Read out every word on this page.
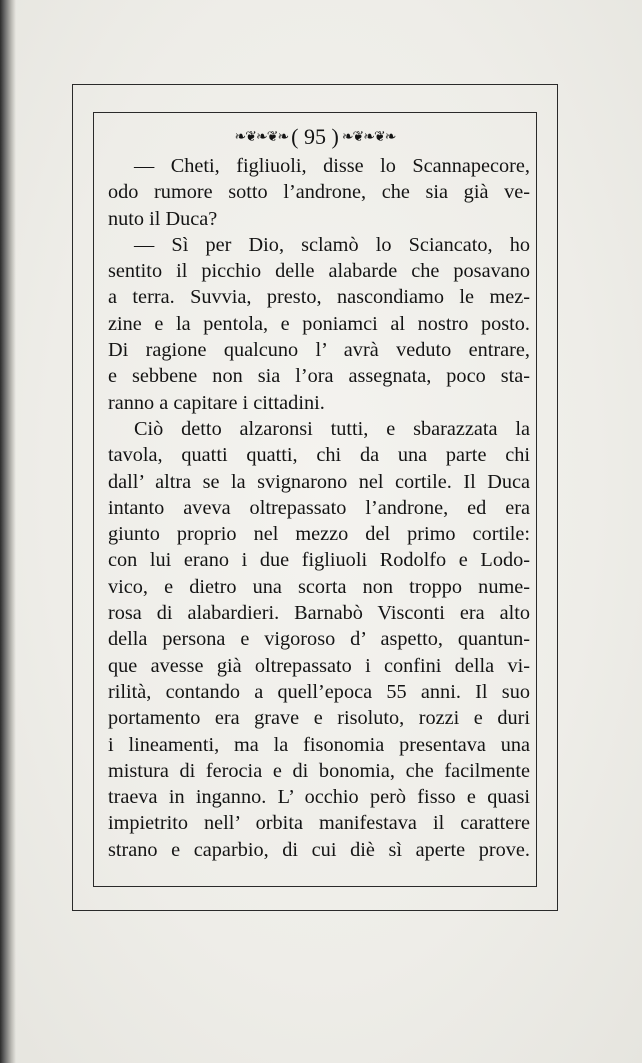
❧❦❧❦❧ ( 95 ) ❧❦❧❦❧
— Cheti, figliuoli, disse lo Scannapecore,
odo rumore sotto l’androne, che sia già ve-
nuto il Duca?
— Sì per Dio, sclamò lo Sciancato, ho
sentito il picchio delle alabarde che posavano
a terra. Suvvia, presto, nascondiamo le mez-
zine e la pentola, e poniamci al nostro posto.
Di ragione qualcuno l’ avrà veduto entrare,
e sebbene non sia l’ora assegnata, poco sta-
ranno a capitare i cittadini.
Ciò detto alzaronsi tutti, e sbarazzata la
tavola, quatti quatti, chi da una parte chi
dall’ altra se la svignarono nel cortile. Il Duca
intanto aveva oltrepassato l’androne, ed era
giunto proprio nel mezzo del primo cortile:
con lui erano i due figliuoli Rodolfo e Lodo-
vico, e dietro una scorta non troppo nume-
rosa di alabardieri. Barnabò Visconti era alto
della persona e vigoroso d’ aspetto, quantun-
que avesse già oltrepassato i confini della vi-
rilità, contando a quell’epoca 55 anni. Il suo
portamento era grave e risoluto, rozzi e duri
i lineamenti, ma la fisonomia presentava una
mistura di ferocia e di bonomia, che facilmente
traeva in inganno. L’ occhio però fisso e quasi
impietrito nell’ orbita manifestava il carattere
strano e caparbio, di cui diè sì aperte prove.
